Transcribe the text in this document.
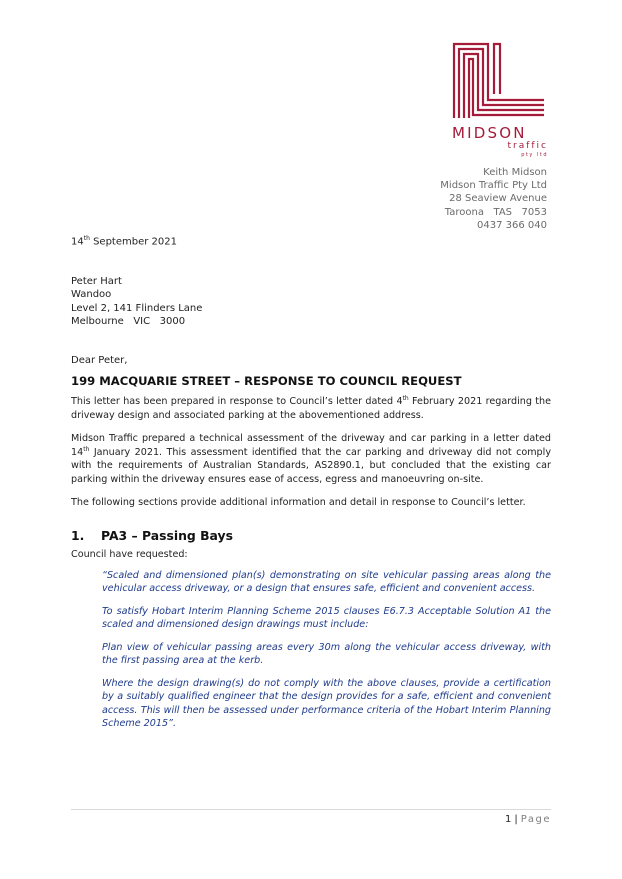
MIDSON
traffic
pty ltd
Keith Midson
Midson Traffic Pty Ltd
28 Seaview Avenue
Taroona   TAS   7053
0437 366 040
14th September 2021
Peter Hart
Wandoo
Level 2, 141 Flinders Lane
Melbourne   VIC   3000
Dear Peter,
199 MACQUARIE STREET – RESPONSE TO COUNCIL REQUEST
This letter has been prepared in response to Council’s letter dated 4th February 2021 regarding the driveway design and associated parking at the abovementioned address.
Midson Traffic prepared a technical assessment of the driveway and car parking in a letter dated 14th January 2021. This assessment identified that the car parking and driveway did not comply with the requirements of Australian Standards, AS2890.1, but concluded that the existing car parking within the driveway ensures ease of access, egress and manoeuvring on-site.
The following sections provide additional information and detail in response to Council’s letter.
1. PA3 – Passing Bays
Council have requested:
“Scaled and dimensioned plan(s) demonstrating on site vehicular passing areas along the vehicular access driveway, or a design that ensures safe, efficient and convenient access.
To satisfy Hobart Interim Planning Scheme 2015 clauses E6.7.3 Acceptable Solution A1 the scaled and dimensioned design drawings must include:
Plan view of vehicular passing areas every 30m along the vehicular access driveway, with the first passing area at the kerb.
Where the design drawing(s) do not comply with the above clauses, provide a certification by a suitably qualified engineer that the design provides for a safe, efficient and convenient access. This will then be assessed under performance criteria of the Hobart Interim Planning Scheme 2015”.
1 | Page
